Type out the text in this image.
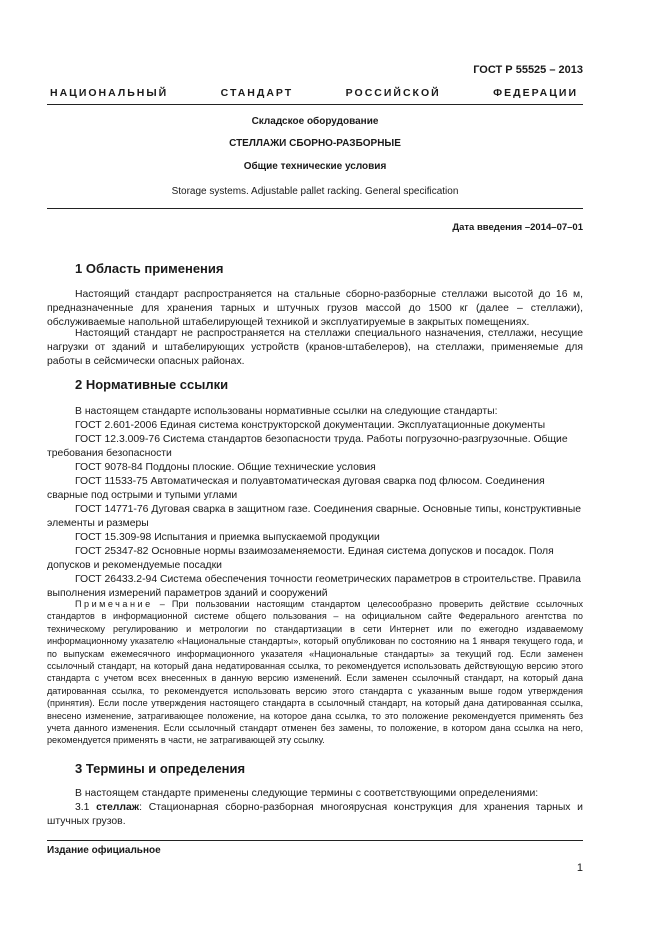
ГОСТ Р 55525 – 2013
НАЦИОНАЛЬНЫЙ СТАНДАРТ РОССИЙСКОЙ ФЕДЕРАЦИИ
Складское оборудование
СТЕЛЛАЖИ СБОРНО-РАЗБОРНЫЕ
Общие технические условия
Storage systems. Adjustable pallet racking. General specification
Дата введения –2014–07–01
1 Область применения

Настоящий стандарт распространяется на стальные сборно-разборные стеллажи высотой до 16 м, предназначенные для хранения тарных и штучных грузов массой до 1500 кг (далее – стеллажи), обслуживаемые напольной штабелирующей техникой и эксплуатируемые в закрытых помещениях.

Настоящий стандарт не распространяется на стеллажи специального назначения, стеллажи, несущие нагрузки от зданий и штабелирующих устройств (кранов-штабелеров), на стеллажи, применяемые для работы в сейсмически опасных районах.

2 Нормативные ссылки

В настоящем стандарте использованы нормативные ссылки на следующие стандарты:

ГОСТ 2.601-2006 Единая система конструкторской документации. Эксплуатационные документы
ГОСТ 12.3.009-76 Система стандартов безопасности труда. Работы погрузочно-разгрузочные. Общие требования безопасности
ГОСТ 9078-84 Поддоны плоские. Общие технические условия
ГОСТ 11533-75 Автоматическая и полуавтоматическая дуговая сварка под флюсом. Соединения сварные под острыми и тупыми углами
ГОСТ 14771-76 Дуговая сварка в защитном газе. Соединения сварные. Основные типы, конструктивные элементы и размеры
ГОСТ 15.309-98 Испытания и приемка выпускаемой продукции
ГОСТ 25347-82 Основные нормы взаимозаменяемости. Единая система допусков и посадок. Поля допусков и рекомендуемые посадки
ГОСТ 26433.2-94 Система обеспечения точности геометрических параметров в строительстве. Правила выполнения измерений параметров зданий и сооружений

Примечание – При пользовании настоящим стандартом целесообразно проверить действие ссылочных стандартов в информационной системе общего пользования – на официальном сайте Федерального агентства по техническому регулированию и метрологии по стандартизации в сети Интернет или по ежегодно издаваемому информационному указателю «Национальные стандарты», который опубликован по состоянию на 1 января текущего года, и по выпускам ежемесячного информационного указателя «Национальные стандарты» за текущий год. Если заменен ссылочный стандарт, на который дана недатированная ссылка, то рекомендуется использовать действующую версию этого стандарта с учетом всех внесенных в данную версию изменений. Если заменен ссылочный стандарт, на который дана датированная ссылка, то рекомендуется использовать версию этого стандарта с указанным выше годом утверждения (принятия). Если после утверждения настоящего стандарта в ссылочный стандарт, на который дана датированная ссылка, внесено изменение, затрагивающее положение, на которое дана ссылка, то это положение рекомендуется применять без учета данного изменения. Если ссылочный стандарт отменен без замены, то положение, в котором дана ссылка на него, рекомендуется применять в части, не затрагивающей эту ссылку.

3 Термины и определения

В настоящем стандарте применены следующие термины с соответствующими определениями:

3.1 стеллаж: Стационарная сборно-разборная многоярусная конструкция для хранения тарных и штучных грузов.

Издание официальное
1
